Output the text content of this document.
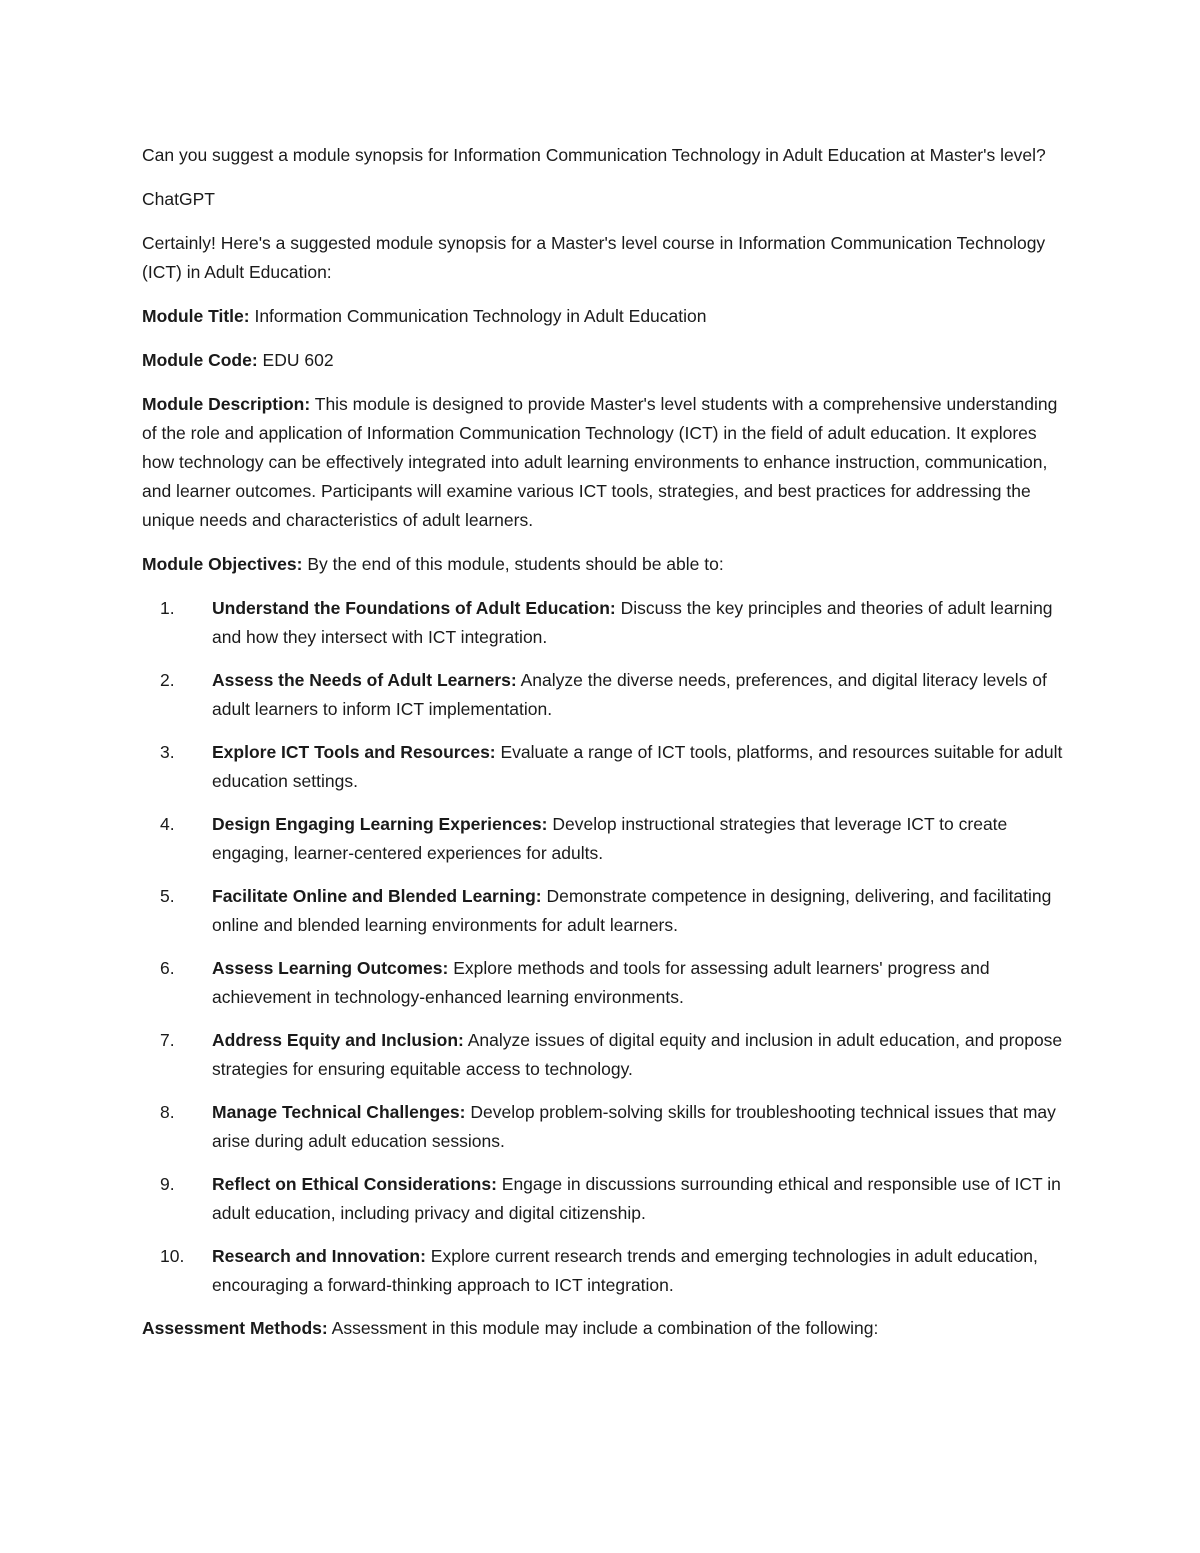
Can you suggest a module synopsis for Information Communication Technology in Adult Education at Master's level?

ChatGPT

Certainly! Here's a suggested module synopsis for a Master's level course in Information Communication Technology (ICT) in Adult Education:

Module Title: Information Communication Technology in Adult Education

Module Code: EDU 602

Module Description: This module is designed to provide Master's level students with a comprehensive understanding of the role and application of Information Communication Technology (ICT) in the field of adult education. It explores how technology can be effectively integrated into adult learning environments to enhance instruction, communication, and learner outcomes. Participants will examine various ICT tools, strategies, and best practices for addressing the unique needs and characteristics of adult learners.

Module Objectives: By the end of this module, students should be able to:

1.	Understand the Foundations of Adult Education: Discuss the key principles and theories of adult learning and how they intersect with ICT integration.
2.	Assess the Needs of Adult Learners: Analyze the diverse needs, preferences, and digital literacy levels of adult learners to inform ICT implementation.
3.	Explore ICT Tools and Resources: Evaluate a range of ICT tools, platforms, and resources suitable for adult education settings.
4.	Design Engaging Learning Experiences: Develop instructional strategies that leverage ICT to create engaging, learner-centered experiences for adults.
5.	Facilitate Online and Blended Learning: Demonstrate competence in designing, delivering, and facilitating online and blended learning environments for adult learners.
6.	Assess Learning Outcomes: Explore methods and tools for assessing adult learners' progress and achievement in technology-enhanced learning environments.
7.	Address Equity and Inclusion: Analyze issues of digital equity and inclusion in adult education, and propose strategies for ensuring equitable access to technology.
8.	Manage Technical Challenges: Develop problem-solving skills for troubleshooting technical issues that may arise during adult education sessions.
9.	Reflect on Ethical Considerations: Engage in discussions surrounding ethical and responsible use of ICT in adult education, including privacy and digital citizenship.
10.	Research and Innovation: Explore current research trends and emerging technologies in adult education, encouraging a forward-thinking approach to ICT integration.

Assessment Methods: Assessment in this module may include a combination of the following:
